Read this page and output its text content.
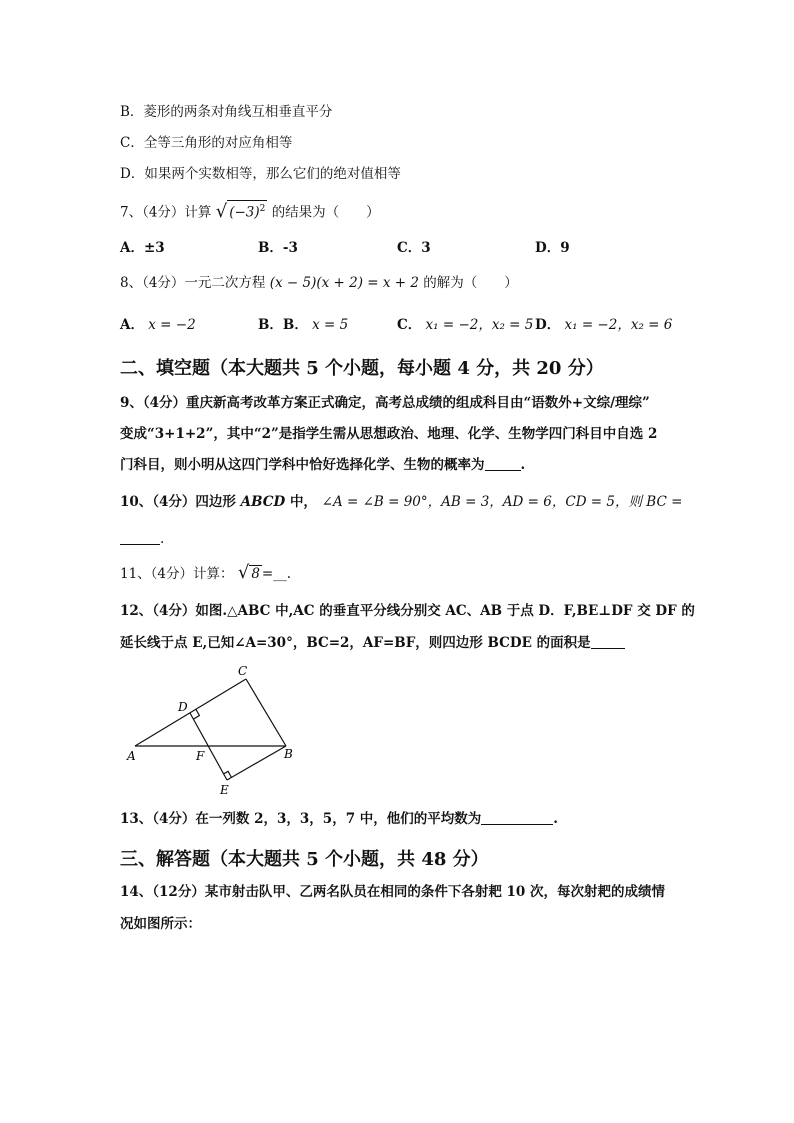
B．菱形的两条对角线互相垂直平分
C．全等三角形的对应角相等
D．如果两个实数相等，那么它们的绝对值相等
7、（4分）计算 √ $(-3)^2$ 的结果为（　　）
A．±3	B．-3	C．3	D．9
8、（4分）一元二次方程 (x − 5)(x + 2) = x + 2 的解为（　　）
A． x = −2	B．B． x = 5	C． x₁ = −2，x₂ = 5 D． x₁ = −2，x₂ = 6
二、填空题（本大题共 5 个小题，每小题 4 分，共 20 分）
9、（4分）重庆新高考改革方案正式确定，高考总成绩的组成科目由“语数外+文综/理综”
变成“3+1+2”，其中“2”是指学生需从思想政治、地理、化学、生物学四门科目中自选 2
门科目，则小明从这四门学科中恰好选择化学、生物的概率为	.
10、（4分）四边形 ABCD 中， ∠A = ∠B = 90°，AB = 3，AD = 6，CD = 5，则 BC =
.
11、（4分）计算： √ 8 =__.
12、（4分）如图.△ABC 中,AC 的垂直平分线分别交 AC、AB 于点 D．F,BE⊥DF 交 DF 的
延长线于点 E,已知∠A=30°，BC=2，AF=BF，则四边形 BCDE 的面积是
C
D
A	F	B
E
13、（4分）在一列数 2，3，3，5，7 中，他们的平均数为	.
三、解答题（本大题共 5 个小题，共 48 分）
14、（12分）某市射击队甲、乙两名队员在相同的条件下各射耙 10 次，每次射耙的成绩情
况如图所示：
